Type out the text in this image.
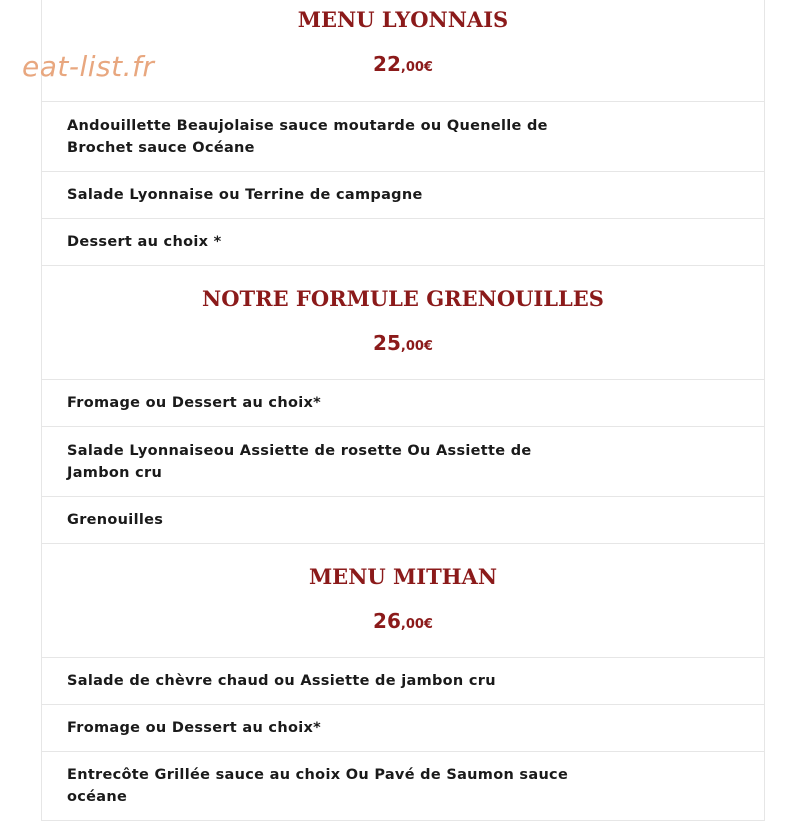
eat-list.fr
MENU LYONNAIS
22,00€
Andouillette Beaujolaise sauce moutarde ou Quenelle de Brochet sauce Océane
Salade Lyonnaise ou Terrine de campagne
Dessert au choix *
NOTRE FORMULE GRENOUILLES
25,00€
Fromage ou Dessert au choix*
Salade Lyonnaiseou Assiette de rosette Ou Assiette de Jambon cru
Grenouilles
MENU MITHAN
26,00€
Salade de chèvre chaud ou Assiette de jambon cru
Fromage ou Dessert au choix*
Entrecôte Grillée sauce au choix Ou Pavé de Saumon sauce océane
